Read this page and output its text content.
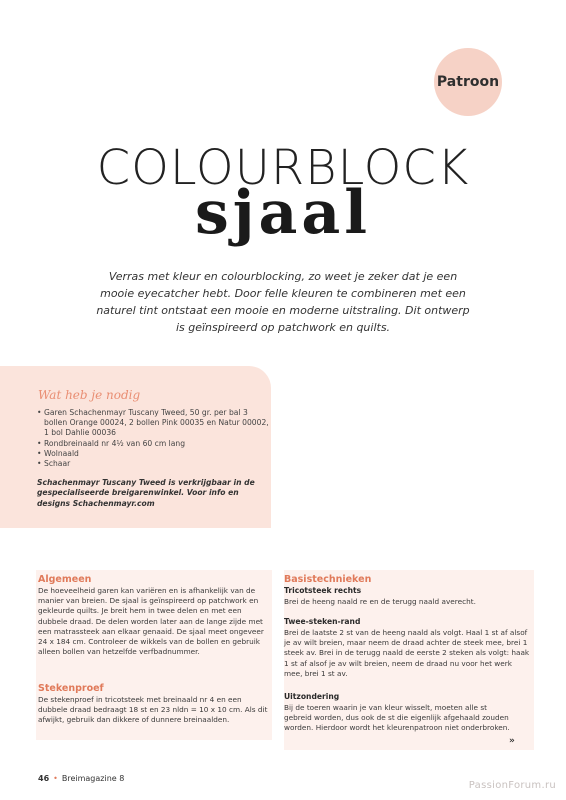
Patroon
COLOURBLOCK
sjaal
Verras met kleur en colourblocking, zo weet je zeker dat je een mooie eyecatcher hebt. Door felle kleuren te combineren met een naturel tint ontstaat een mooie en moderne uitstraling. Dit ontwerp is geïnspireerd op patchwork en quilts.
Wat heb je nodig
• Garen Schachenmayr Tuscany Tweed, 50 gr. per bal 3 bollen Orange 00024, 2 bollen Pink 00035 en Natur 00002, 1 bol Dahlie 00036
• Rondbreinaald nr 4½ van 60 cm lang
• Wolnaald
• Schaar
Schachenmayr Tuscany Tweed is verkrijgbaar in de gespecialiseerde breigarenwinkel. Voor info en designs Schachenmayr.com
Algemeen

De hoeveelheid garen kan variëren en is afhankelijk van de manier van breien. De sjaal is geïnspireerd op patchwork en gekleurde quilts. Je breit hem in twee delen en met een dubbele draad. De delen worden later aan de lange zijde met een matrassteek aan elkaar genaaid. De sjaal meet ongeveer 24 x 184 cm. Controleer de wikkels van de bollen en gebruik alleen bollen van hetzelfde verfbadnummer.

Stekenproef

De stekenproef in tricotsteek met breinaald nr 4 en een dubbele draad bedraagt 18 st en 23 nldn = 10 x 10 cm. Als dit afwijkt, gebruik dan dikkere of dunnere breinaalden.

Basistechnieken
Tricotsteek rechts

Brei de heeng naald re en de terugg naald averecht.

Twee-steken-rand

Brei de laatste 2 st van de heeng naald als volgt. Haal 1 st af alsof je av wilt breien, maar neem de draad achter de steek mee, brei 1 steek av. Brei in de terugg naald de eerste 2 steken als volgt: haak 1 st af alsof je av wilt breien, neem de draad nu voor het werk mee, brei 1 st av.

Uitzondering

Bij de toeren waarin je van kleur wisselt, moeten alle st gebreid worden, dus ook de st die eigenlijk afgehaald zouden worden. Hierdoor wordt het kleurenpatroon niet onderbroken.

»
46 • Breimagazine 8
PassionForum.ru
